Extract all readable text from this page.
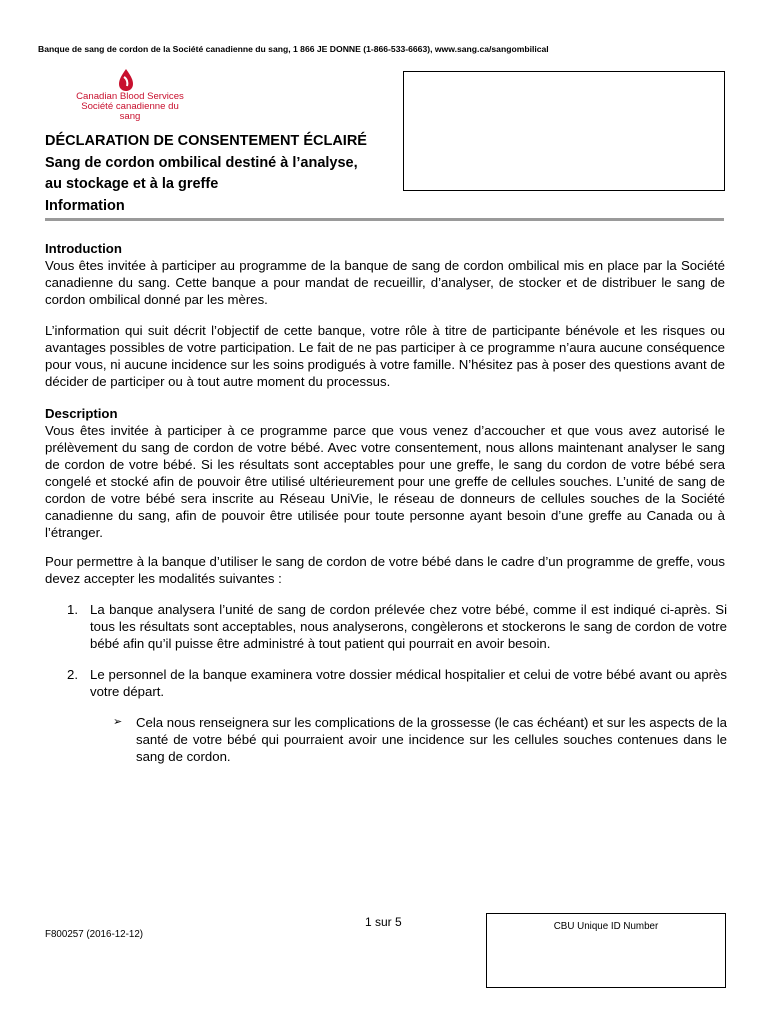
Banque de sang de cordon de la Société canadienne du sang, 1 866 JE DONNE (1-866-533-6663), www.sang.ca/sangombilical
Canadian Blood Services
Société canadienne du sang
DÉCLARATION DE CONSENTEMENT ÉCLAIRÉ
Sang de cordon ombilical destiné à l’analyse,
au stockage et à la greffe
Information
Introduction
Vous êtes invitée à participer au programme de la banque de sang de cordon ombilical mis en place par la Société canadienne du sang. Cette banque a pour mandat de recueillir, d’analyser, de stocker et de distribuer le sang de cordon ombilical donné par les mères.
L’information qui suit décrit l’objectif de cette banque, votre rôle à titre de participante bénévole et les risques ou avantages possibles de votre participation. Le fait de ne pas participer à ce programme n’aura aucune conséquence pour vous, ni aucune incidence sur les soins prodigués à votre famille. N’hésitez pas à poser des questions avant de décider de participer ou à tout autre moment du processus.
Description
Vous êtes invitée à participer à ce programme parce que vous venez d’accoucher et que vous avez autorisé le prélèvement du sang de cordon de votre bébé. Avec votre consentement, nous allons maintenant analyser le sang de cordon de votre bébé. Si les résultats sont acceptables pour une greffe, le sang du cordon de votre bébé sera congelé et stocké afin de pouvoir être utilisé ultérieurement pour une greffe de cellules souches. L’unité de sang de cordon de votre bébé sera inscrite au Réseau UniVie, le réseau de donneurs de cellules souches de la Société canadienne du sang, afin de pouvoir être utilisée pour toute personne ayant besoin d’une greffe au Canada ou à l’étranger.
Pour permettre à la banque d’utiliser le sang de cordon de votre bébé dans le cadre d’un programme de greffe, vous devez accepter les modalités suivantes :
1. La banque analysera l’unité de sang de cordon prélevée chez votre bébé, comme il est indiqué ci-après. Si tous les résultats sont acceptables, nous analyserons, congèlerons et stockerons le sang de cordon de votre bébé afin qu’il puisse être administré à tout patient qui pourrait en avoir besoin.
2. Le personnel de la banque examinera votre dossier médical hospitalier et celui de votre bébé avant ou après votre départ.
➢ Cela nous renseignera sur les complications de la grossesse (le cas échéant) et sur les aspects de la santé de votre bébé qui pourraient avoir une incidence sur les cellules souches contenues dans le sang de cordon.
F800257 (2016-12-12)
1 sur 5	CBU Unique ID Number
